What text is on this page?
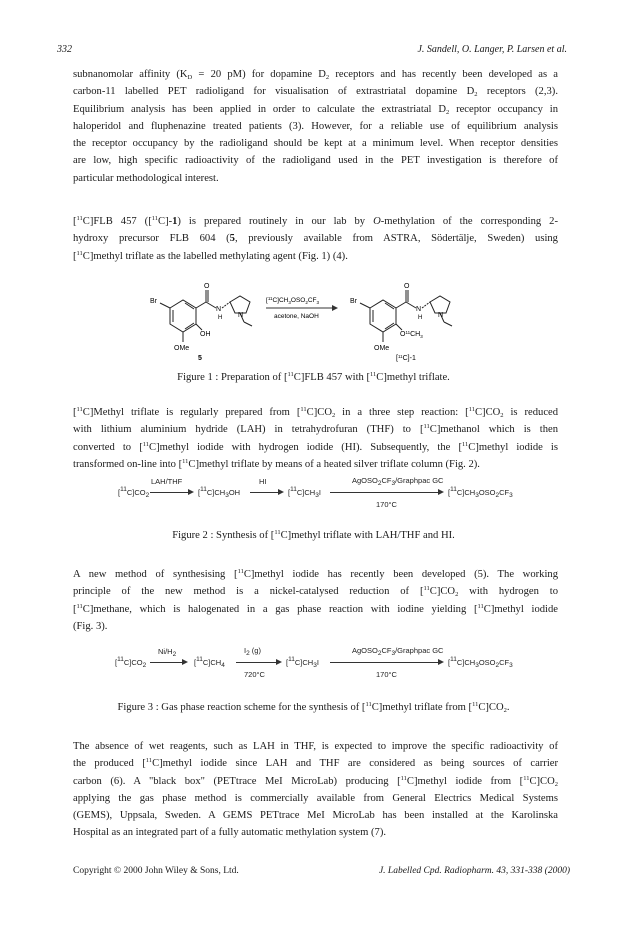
332	J. Sandell, O. Langer, P. Larsen et al.
subnanomolar affinity ($K_D = 20$ pM) for dopamine $D_2$ receptors and has recently been developed as a
carbon-11 labelled PET radioligand for visualisation of extrastriatal dopamine $D_2$ receptors (2,3).
Equilibrium analysis has been applied in order to calculate the extrastriatal $D_2$ receptor occupancy in
haloperidol and fluphenazine treated patients (3). However, for a reliable use of equilibrium analysis
the receptor occupancy by the radioligand should be kept at a minimum level. When receptor densities
are low, high specific radioactivity of the radioligand used in the PET investigation is therefore of
particular methodological interest.
[$^{11}$C]FLB 457 ([$^{11}$C]-1) is prepared routinely in our lab by O-methylation of the corresponding 2-
hydroxy precursor FLB 604 (5, previously available from ASTRA, Södertälje, Sweden) using
[$^{11}$C]methyl triflate as the labelled methylating agent (Fig. 1) (4).
Br
O
N
H N
OH
OMe
5
$[^{11}C]CH_3OSO_2CF_3$
acetone, NaOH
Br
O
N
H N
$O^{11}CH_3$
OMe
[$^{11}$C]-1
Figure 1 : Preparation of [$^{11}$C]FLB 457 with [$^{11}$C]methyl triflate.
[$^{11}$C]Methyl triflate is regularly prepared from $[^{11}C]CO_2$ in a three step reaction: $[^{11}C]CO_2$ is reduced
with lithium aluminium hydride (LAH) in tetrahydrofuran (THF) to [$^{11}$C]methanol which is then
converted to [$^{11}$C]methyl iodide with hydrogen iodide (HI). Subsequently, the [$^{11}$C]methyl iodide is
transformed on-line into [$^{11}$C]methyl triflate by means of a heated silver triflate column (Fig. 2).
$[^{11}C]CO_2$
LAH/THF
$[^{11}C]CH_3OH$
HI
$[^{11}C]CH_3I$
$AgOSO_2CF_3$/Graphpac GC
170°C
$[^{11}C]CH_3OSO_2CF_3$
Figure 2 : Synthesis of [$^{11}$C]methyl triflate with LAH/THF and HI.
A new method of synthesising [$^{11}$C]methyl iodide has recently been developed (5). The working
principle of the new method is a nickel-catalysed reduction of $[^{11}C]CO_2$ with hydrogen to
[$^{11}$C]methane, which is halogenated in a gas phase reaction with iodine yielding [$^{11}$C]methyl iodide
(Fig. 3).
$[^{11}C]CO_2$
$Ni/H_2$
$[^{11}C]CH_4$
$I_2$ (g)
720°C
$[^{11}C]CH_3I$
$AgOSO_2CF_3$/Graphpac GC
170°C
$[^{11}C]CH_3OSO_2CF_3$
Figure 3 : Gas phase reaction scheme for the synthesis of [$^{11}$C]methyl triflate from $[^{11}C]CO_2$.
The absence of wet reagents, such as LAH in THF, is expected to improve the specific radioactivity of
the produced [$^{11}$C]methyl iodide since LAH and THF are considered as being sources of carrier
carbon (6). A "black box" (PETtrace MeI MicroLab) producing [$^{11}$C]methyl iodide from $[^{11}C]CO_2$
applying the gas phase method is commercially available from General Electrics Medical Systems
(GEMS), Uppsala, Sweden. A GEMS PETtrace MeI MicroLab has been installed at the Karolinska
Hospital as an integrated part of a fully automatic methylation system (7).
Copyright © 2000 John Wiley & Sons, Ltd.	J. Labelled Cpd. Radiopharm. 43, 331-338 (2000)
